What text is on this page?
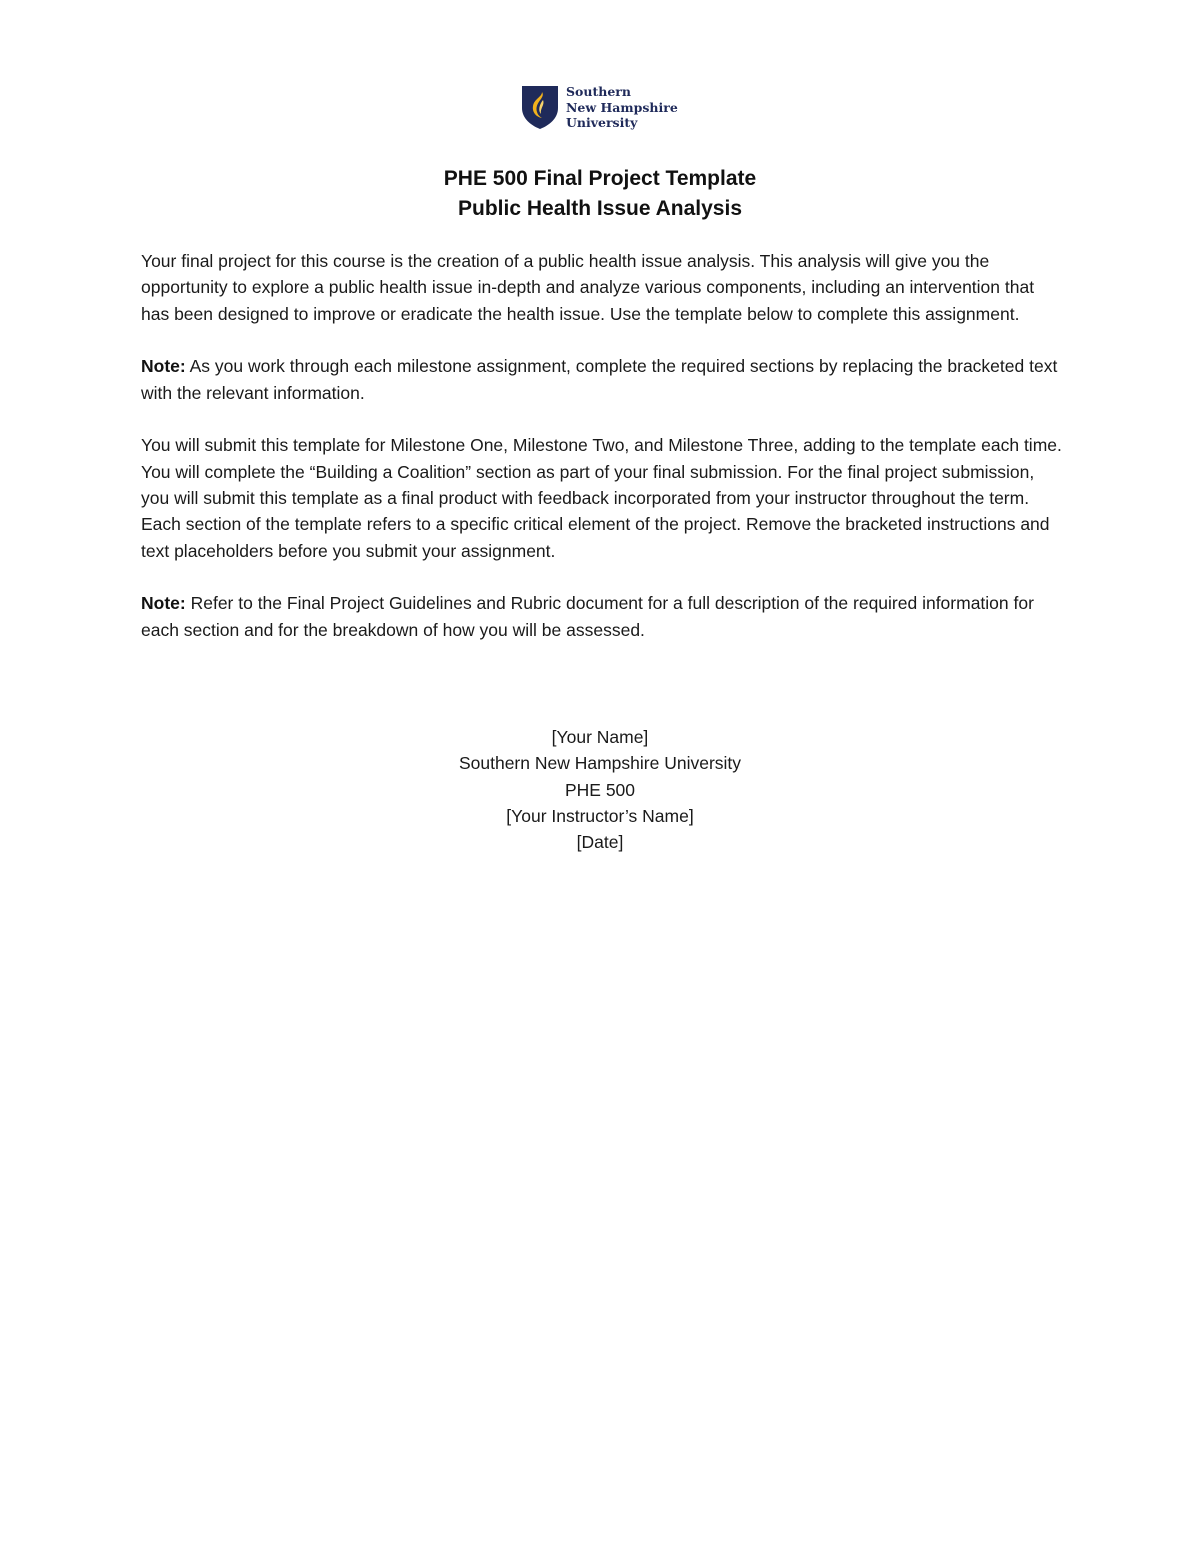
Southern
New Hampshire
University
PHE 500 Final Project Template
Public Health Issue Analysis

Your final project for this course is the creation of a public health issue analysis. This analysis will give you the opportunity to explore a public health issue in-depth and analyze various components, including an intervention that has been designed to improve or eradicate the health issue. Use the template below to complete this assignment.

Note: As you work through each milestone assignment, complete the required sections by replacing the bracketed text with the relevant information.

You will submit this template for Milestone One, Milestone Two, and Milestone Three, adding to the template each time. You will complete the “Building a Coalition” section as part of your final submission. For the final project submission, you will submit this template as a final product with feedback incorporated from your instructor throughout the term. Each section of the template refers to a specific critical element of the project. Remove the bracketed instructions and text placeholders before you submit your assignment.

Note: Refer to the Final Project Guidelines and Rubric document for a full description of the required information for each section and for the breakdown of how you will be assessed.

[Your Name]
Southern New Hampshire University
PHE 500
[Your Instructor’s Name]
[Date]
